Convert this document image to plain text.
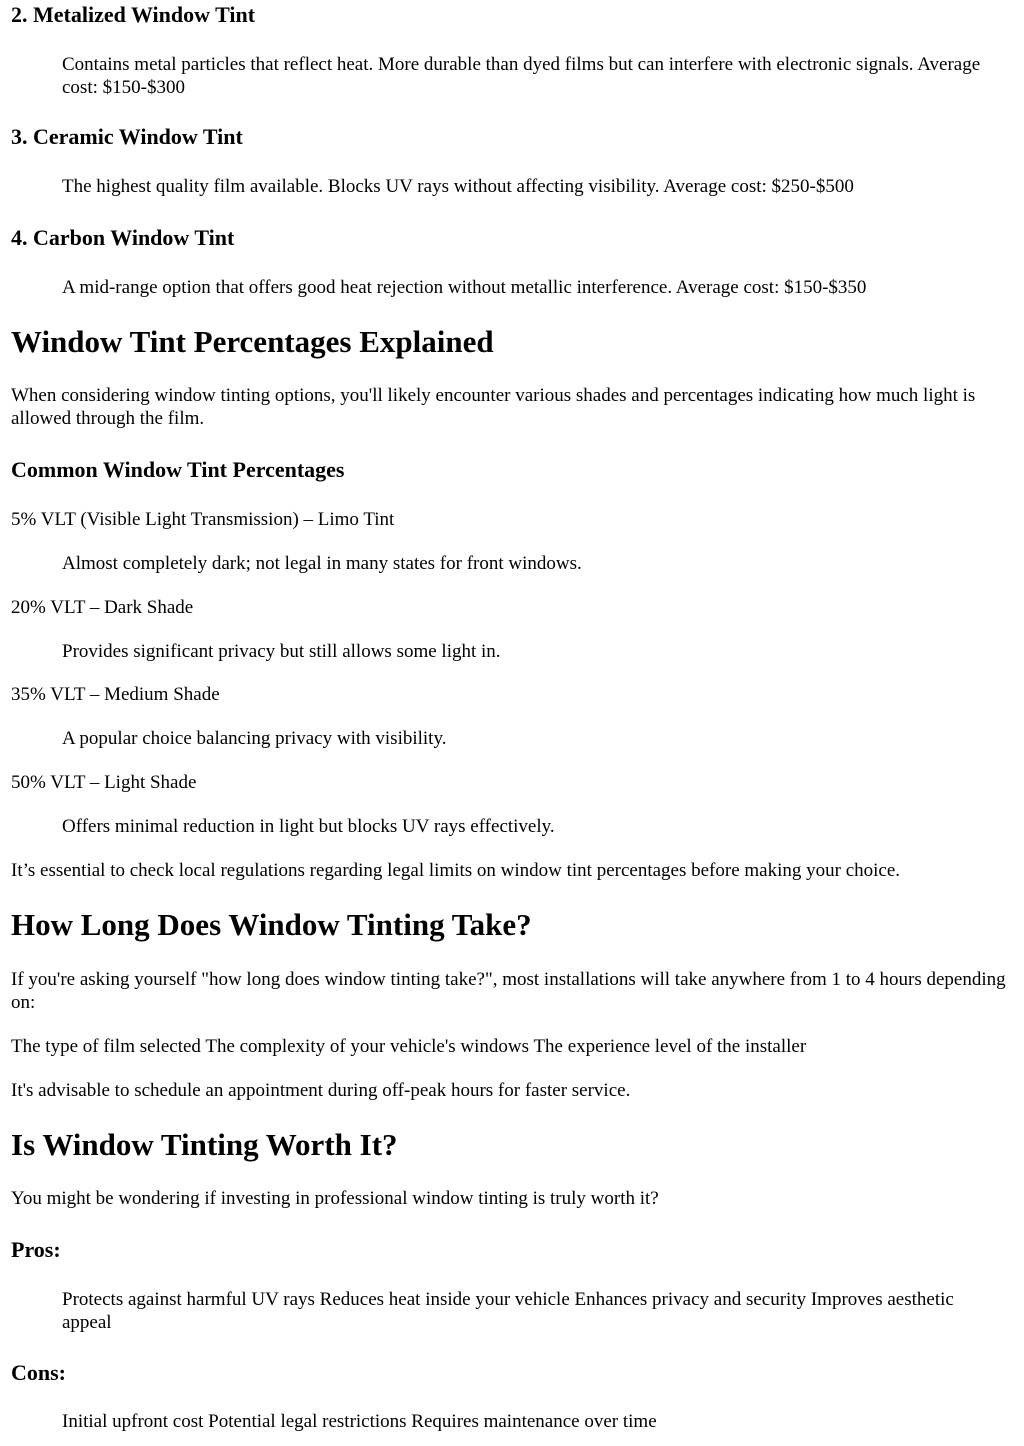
2. Metalized Window Tint

Contains metal particles that reflect heat. More durable than dyed films but can interfere with electronic signals. Average cost: $150-$300

3. Ceramic Window Tint

The highest quality film available. Blocks UV rays without affecting visibility. Average cost: $250-$500

4. Carbon Window Tint

A mid-range option that offers good heat rejection without metallic interference. Average cost: $150-$350

Window Tint Percentages Explained

When considering window tinting options, you'll likely encounter various shades and percentages indicating how much light is allowed through the film.

Common Window Tint Percentages

5% VLT (Visible Light Transmission) – Limo Tint

Almost completely dark; not legal in many states for front windows.

20% VLT – Dark Shade

Provides significant privacy but still allows some light in.

35% VLT – Medium Shade

A popular choice balancing privacy with visibility.

50% VLT – Light Shade

Offers minimal reduction in light but blocks UV rays effectively.

It’s essential to check local regulations regarding legal limits on window tint percentages before making your choice.

How Long Does Window Tinting Take?

If you're asking yourself "how long does window tinting take?", most installations will take anywhere from 1 to 4 hours depending on:

The type of film selected The complexity of your vehicle's windows The experience level of the installer

It's advisable to schedule an appointment during off-peak hours for faster service.

Is Window Tinting Worth It?

You might be wondering if investing in professional window tinting is truly worth it?

Pros:

Protects against harmful UV rays Reduces heat inside your vehicle Enhances privacy and security Improves aesthetic appeal

Cons:

Initial upfront cost Potential legal restrictions Requires maintenance over time
